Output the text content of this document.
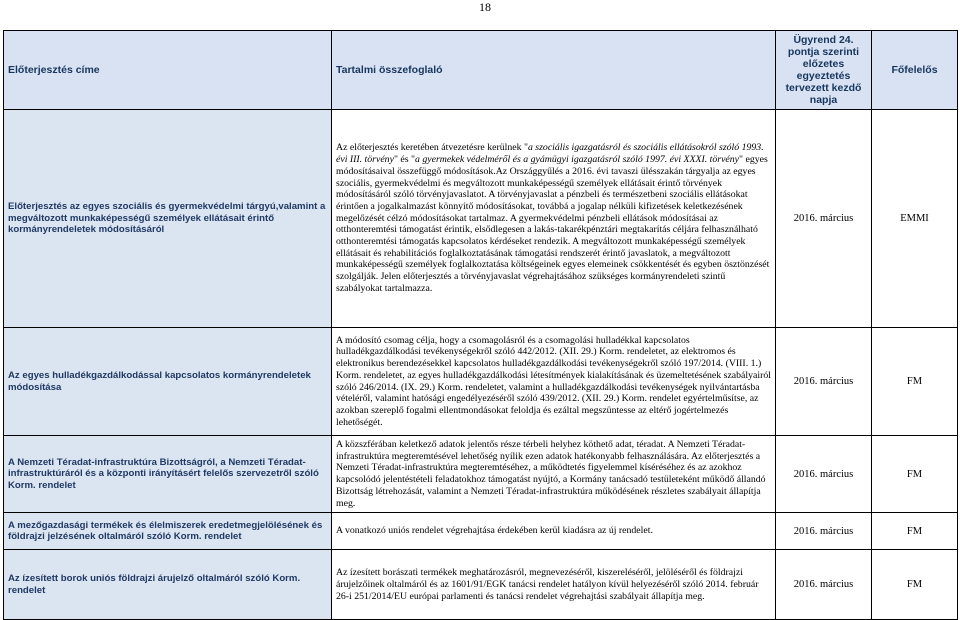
18
Előterjesztés címe	Tartalmi összefoglaló	Ügyrend 24. pontja szerinti előzetes egyeztetés tervezett kezdő napja	Főfelelős
Előterjesztés az egyes szociális és gyermekvédelmi tárgyú,valamint a megváltozott munkaképességű személyek ellátásait érintő kormányrendeletek módosításáról	Az előterjesztés keretében átvezetésre kerülnek "a szociális igazgatásról és szociális ellátásokról szóló 1993. évi III. törvény" és "a gyermekek védelméről és a gyámügyi igazgatásról szóló 1997. évi XXXI. törvény" egyes módosításaival összefüggő módosítások.Az Országgyűlés a 2016. évi tavaszi ülésszakán tárgyalja az egyes szociális, gyermekvédelmi és megváltozott munkaképességű személyek ellátásait érintő törvények módosításáról szóló törvényjavaslatot. A törvényjavaslat a pénzbeli és természetbeni szociális ellátásokat érintően a jogalkalmazást könnyítő módosításokat, továbbá a jogalap nélküli kifizetések keletkezésének megelőzését célzó módosításokat tartalmaz. A gyermekvédelmi pénzbeli ellátások módosításai az otthonteremtési támogatást érintik, elsődlegesen a lakás-takarékpénztári megtakarítás céljára felhasználható otthonteremtési támogatás kapcsolatos kérdéseket rendezik. A megváltozott munkaképességű személyek ellátásait és rehabilitációs foglalkoztatásának támogatási rendszerét érintő javaslatok, a megváltozott munkaképességű személyek foglalkoztatása költségeinek egyes elemeinek csökkentését és egyben ösztönzését szolgálják. Jelen előterjesztés a törvényjavaslat végrehajtásához szükséges kormányrendeleti szintű szabályokat tartalmazza.	2016. március	EMMI
Az egyes hulladékgazdálkodással kapcsolatos kormányrendeletek módosítása	A módosító csomag célja, hogy a csomagolásról és a csomagolási hulladékkal kapcsolatos hulladékgazdálkodási tevékenységekről szóló 442/2012. (XII. 29.) Korm. rendeletet, az elektromos és elektronikus berendezésekkel kapcsolatos hulladékgazdálkodási tevékenységekről szóló 197/2014. (VIII. 1.) Korm. rendeletet, az egyes hulladékgazdálkodási létesítmények kialakításának és üzemeltetésének szabályairól szóló 246/2014. (IX. 29.) Korm. rendeletet, valamint a hulladékgazdálkodási tevékenységek nyilvántartásba vételéről, valamint hatósági engedélyezéséről szóló 439/2012. (XII. 29.) Korm. rendelet egyértelműsítse, az azokban szereplő fogalmi ellentmondásokat feloldja és ezáltal megszüntesse az eltérő jogértelmezés lehetőségét.	2016. március	FM
A Nemzeti Téradat-infrastruktúra Bizottságról, a Nemzeti Téradat-infrastruktúráról és a központi irányításért felelős szervezetről szóló Korm. rendelet	A közszférában keletkező adatok jelentős része térbeli helyhez köthető adat, téradat. A Nemzeti Téradat-infrastruktúra megteremtésével lehetőség nyílik ezen adatok hatékonyabb felhasználására. Az előterjesztés a Nemzeti Téradat-infrastruktúra megteremtéséhez, a működtetés figyelemmel kíséréséhez és az azokhoz kapcsolódó jelentéstételi feladatokhoz támogatást nyújtó, a Kormány tanácsadó testületeként működő állandó Bizottság létrehozását, valamint a Nemzeti Téradat-infrastruktúra működésének részletes szabályait állapítja meg.	2016. március	FM
A mezőgazdasági termékek és élelmiszerek eredetmegjelölésének és földrajzi jelzésének oltalmáról szóló Korm. rendelet	A vonatkozó uniós rendelet végrehajtása érdekében kerül kiadásra az új rendelet.	2016. március	FM
Az ízesített borok uniós földrajzi árujelző oltalmáról szóló Korm. rendelet	Az ízesített borászati termékek meghatározásról, megnevezéséről, kiszereléséről, jelöléséről és földrajzi árujelzőinek oltalmáról és az 1601/91/EGK tanácsi rendelet hatályon kívül helyezéséről szóló 2014. február 26-i 251/2014/EU európai parlamenti és tanácsi rendelet végrehajtási szabályait állapítja meg.	2016. március	FM
